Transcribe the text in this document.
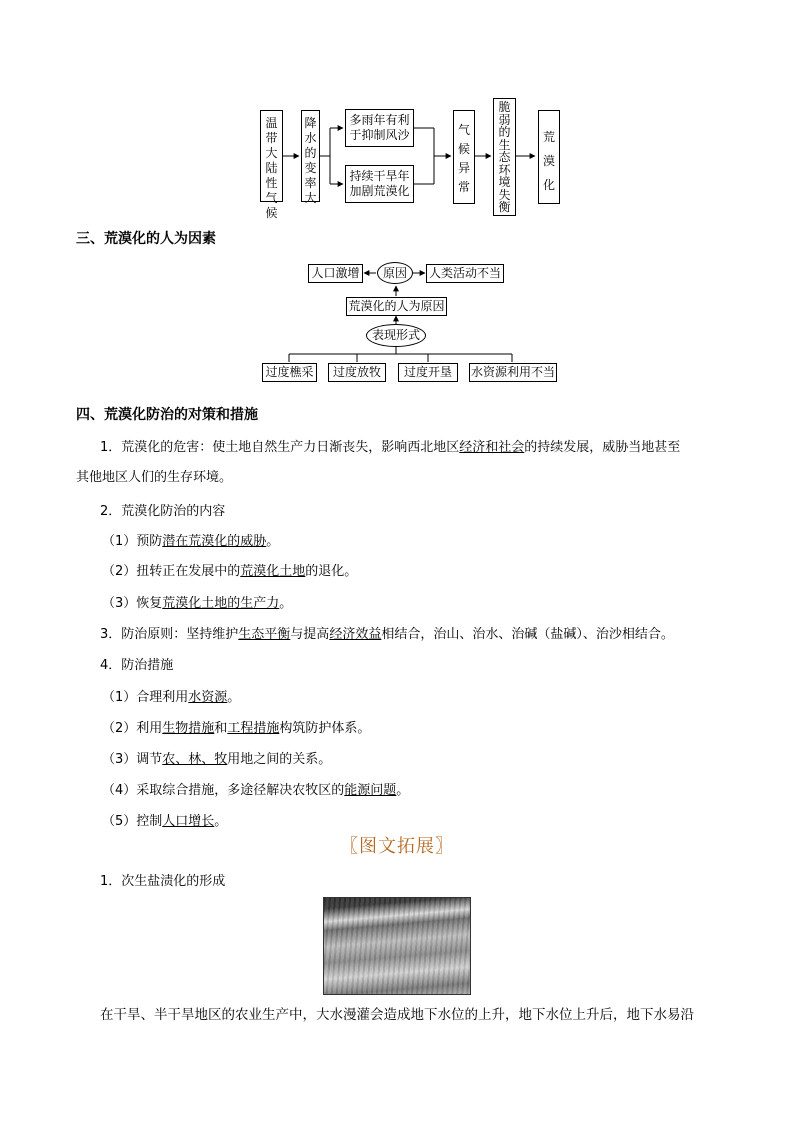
温
带
大
陆
性
气
候
降
水
的
变
率
大
多雨年有利于抑制风沙
持续干旱年加剧荒漠化
气
候
异
常
脆
弱
的
生
态
环
境
失
衡
荒
漠
化
三、荒漠化的人为因素
人口激增 原因 人类活动不当
荒漠化的人为原因
表现形式
过度樵采 过度放牧 过度开垦 水资源利用不当
四、荒漠化防治的对策和措施
1．荒漠化的危害：使土地自然生产力日渐丧失，影响西北地区经济和社会的持续发展，威胁当地甚至
其他地区人们的生存环境。
2．荒漠化防治的内容
（1）预防潜在荒漠化的威胁。
（2）扭转正在发展中的荒漠化土地的退化。
（3）恢复荒漠化土地的生产力。
3．防治原则：坚持维护生态平衡与提高经济效益相结合，治山、治水、治碱（盐碱）、治沙相结合。
4．防治措施
（1）合理利用水资源。
（2）利用生物措施和工程措施构筑防护体系。
（3）调节农、林、牧用地之间的关系。
（4）采取综合措施，多途径解决农牧区的能源问题。
（5）控制人口增长。
〖图文拓展〗
1．次生盐渍化的形成
在干旱、半干旱地区的农业生产中，大水漫灌会造成地下水位的上升，地下水位上升后，地下水易沿
